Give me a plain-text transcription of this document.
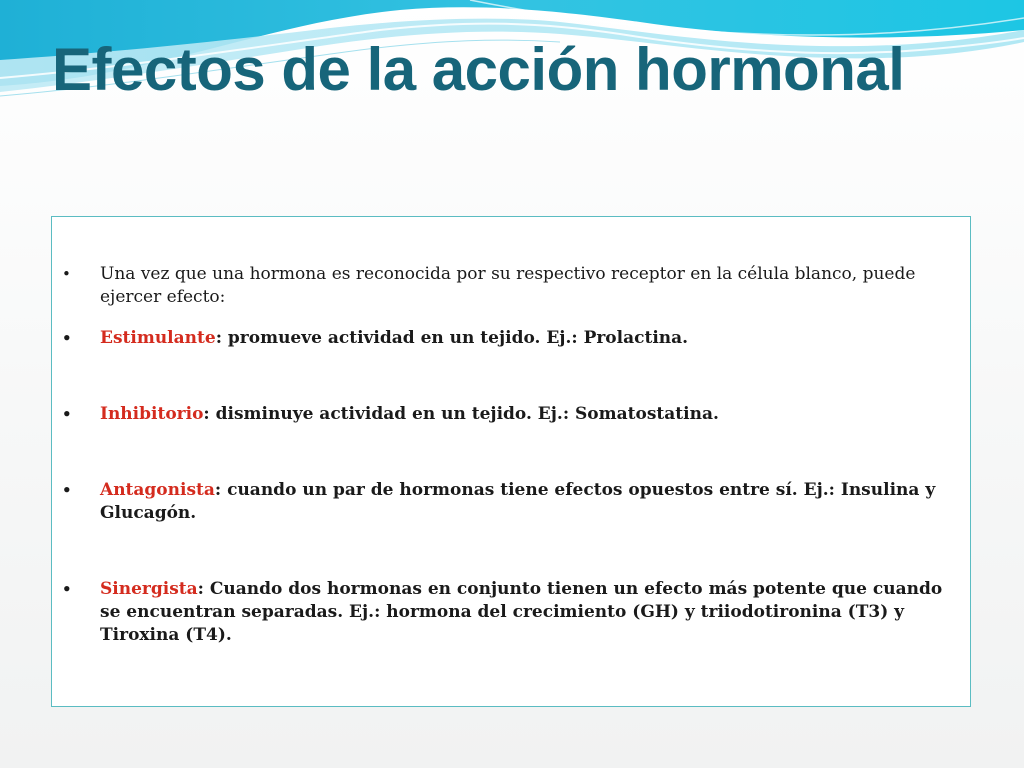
Efectos de la acción hormonal
• Una vez que una hormona es reconocida por su respectivo receptor en la célula blanco, puede ejercer efecto:
• Estimulante: promueve actividad en un tejido. Ej.: Prolactina.
• Inhibitorio: disminuye actividad en un tejido. Ej.: Somatostatina.
• Antagonista: cuando un par de hormonas tiene efectos opuestos entre sí. Ej.: Insulina y Glucagón.
• Sinergista: Cuando dos hormonas en conjunto tienen un efecto más potente que cuando se encuentran separadas. Ej.: hormona del crecimiento (GH) y triiodotironina (T3) y Tiroxina (T4).
